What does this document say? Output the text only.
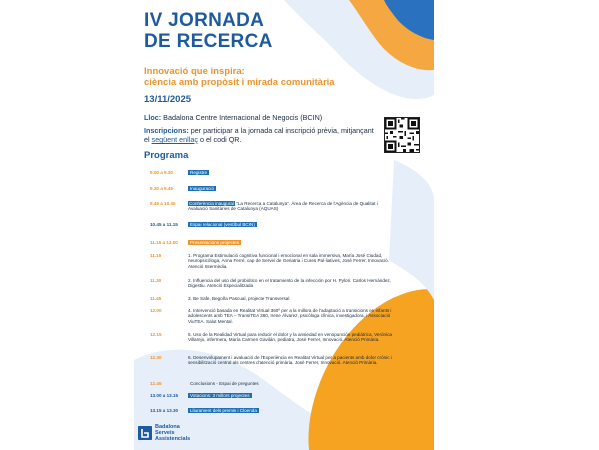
IV JORNADA
DE RECERCA
Innovació que inspira:
ciència amb propòsit i mirada comunitària
13/11/2025
Lloc: Badalona Centre Internacional de Negocis (BCIN)
Inscripcions: per participar a la jornada cal inscripció prèvia, mitjançant el següent enllaç o el codi QR.
Programa
9.00 a 9.30	Registre
9.30 a 9.45	Inauguració
9.45 a 10.45	Conferència inaugural "La Recerca a Catalunya". Àrea de Recerca de l'Agència de Qualitat i Avaluació Sanitàries de Catalunya (AQUAS)
10.45 a 11.15	Espai relacional (vestíbul BCIN)
11.15 a 13.00	Presentacions projectes
11.15	1. Programa Estimulació cognitiva funcional i emocional en sala immersiva, María José Ciudad, neuropsicòloga, Anna Ferré, cap de Servei de Geriatria i Cures Pal·liatives, Josè Ferrer, Innovació. Atenció Intermèdia.
11.30	2. Influencia del uso del probiótico en el tratamiento de la infección por H. Pylori. Carlos Hernández, Digestiu. Atenció Especialitzada
11.45	3. Be Safe, Begoña Pascual, projecte Transversal
12.00	4. Intervenció basada en Realitat Virtual 360º per a la millora de l'adaptació a transicions en infants i adolescents amb TEA – TransiTEA 360, Irene Álvarez, psicòloga clínica, investigadora, i Associació ViuTEA. Salut Mental.
12.15	5. Uso de la Realidad Virtual para reducir el dolor y la ansiedad en venopunción pediátrica, Verónica Villarejo, infermera, María Carmen Gavilán, pediatra, Josè Ferrer, Innovació. Atenció Primària.
12.30	6. Desenvolupament i avaluació de l'Experiència en Realitat Virtual per a pacients amb dolor crònic i sensibilització central als centres d'atenció primària. Josè Ferrer, Innovació. Atenció Primària.
12.45	Conclusions - Espai de preguntes
13.00 a 13.15	Votacions: 3 millors projectes
13.15 a 13.30	Lliurament dels premis i Cloenda
Badalona
Serveis
Assistencials
